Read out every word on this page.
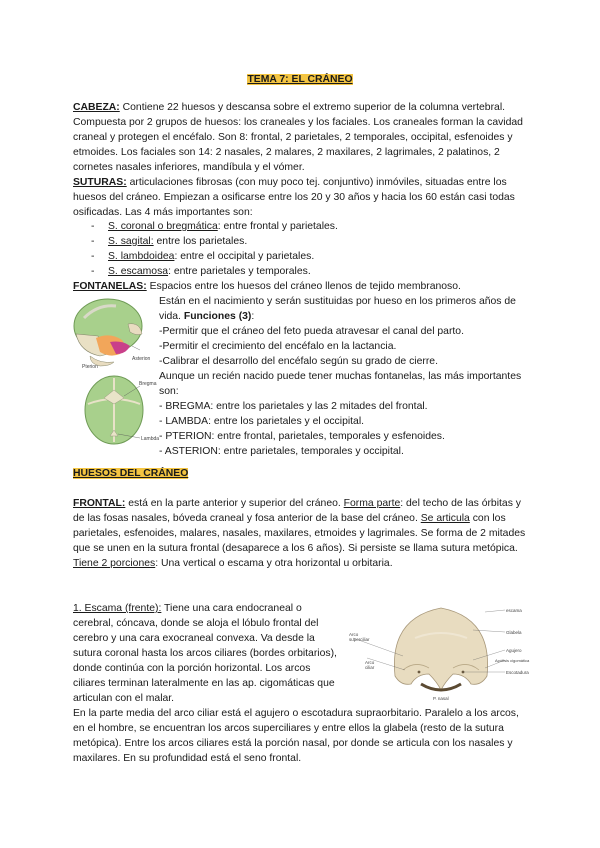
TEMA 7: EL CRÁNEO

CABEZA: Contiene 22 huesos y descansa sobre el extremo superior de la columna vertebral. Compuesta por 2 grupos de huesos: los craneales y los faciales. Los craneales forman la cavidad craneal y protegen el encéfalo. Son 8: frontal, 2 parietales, 2 temporales, occipital, esfenoides y etmoides. Los faciales son 14: 2 nasales, 2 malares, 2 maxilares, 2 lagrimales, 2 palatinos, 2 cornetes nasales inferiores, mandíbula y el vómer.

SUTURAS: articulaciones fibrosas (con muy poco tej. conjuntivo) inmóviles, situadas entre los huesos del cráneo. Empiezan a osificarse entre los 20 y 30 años y hacia los 60 están casi todas osificadas. Las 4 más importantes son:

- S. coronal o bregmática: entre frontal y parietales.
- S. sagital: entre los parietales.
- S. lambdoidea: entre el occipital y parietales.
- S. escamosa: entre parietales y temporales.

FONTANELAS: Espacios entre los huesos del cráneo llenos de tejido membranoso.

Están en el nacimiento y serán sustituidas por hueso en los primeros años de vida. Funciones (3):
-Permitir que el cráneo del feto pueda atravesar el canal del parto.
-Permitir el crecimiento del encéfalo en la lactancia.
-Calibrar el desarrollo del encéfalo según su grado de cierre.
Aunque un recién nacido puede tener muchas fontanelas, las más importantes son:
- BREGMA: entre los parietales y las 2 mitades del frontal.
- LAMBDA: entre los parietales y el occipital.
- PTERION: entre frontal, parietales, temporales y esfenoides.
- ASTERION: entre parietales, temporales y occipital.
Asterion
Pterion
Bregma
Lambda
HUESOS DEL CRÁNEO

FRONTAL: está en la parte anterior y superior del cráneo. Forma parte: del techo de las órbitas y de las fosas nasales, bóveda craneal y fosa anterior de la base del cráneo. Se articula con los parietales, esfenoides, malares, nasales, maxilares, etmoides y lagrimales. Se forma de 2 mitades que se unen en la sutura frontal (desaparece a los 6 años). Si persiste se llama sutura metópica. Tiene 2 porciones: Una vertical o escama y otra horizontal u orbitaria.

1. Escama (frente): Tiene una cara endocraneal o cerebral, cóncava, donde se aloja el lóbulo frontal del cerebro y una cara exocraneal convexa. Va desde la sutura coronal hasta los arcos ciliares (bordes orbitarios), donde continúa con la porción horizontal. Los arcos ciliares terminan lateralmente en las ap. cigomáticas que articulan con el malar.

En la parte media del arco ciliar está el agujero o escotadura supraorbitario. Paralelo a los arcos, en el hombre, se encuentran los arcos superciliares y entre ellos la glabela (resto de la sutura metópica). Entre los arcos ciliares está la porción nasal, por donde se articula con los nasales y maxilares. En su profundidad está el seno frontal.

Arco
superciliar
Arco
ciliar
escama
Glabela
Agujero
Apófisis cigomática
Escotadura
P. nasal
